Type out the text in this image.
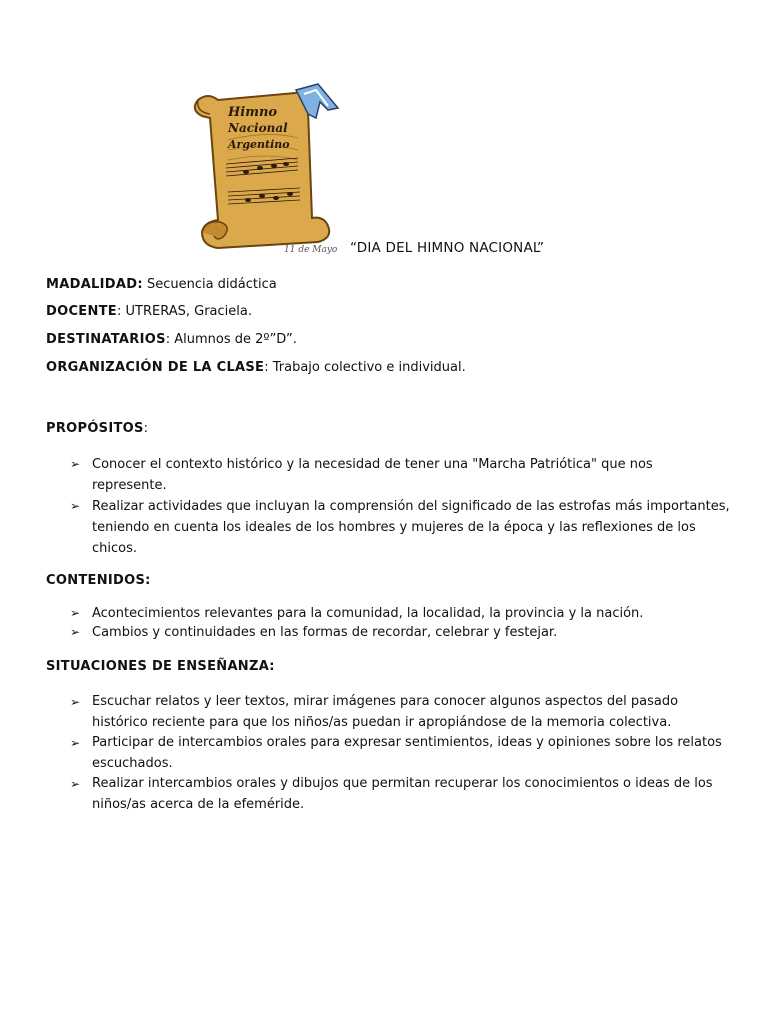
Himno
Nacional
Argentino
11 de Mayo “DIA DEL HIMNO NACIONAL”
MADALIDAD: Secuencia didáctica
DOCENTE: UTRERAS, Graciela.
DESTINATARIOS: Alumnos de 2º”D”.
ORGANIZACIÓN DE LA CLASE: Trabajo colectivo e individual.
PROPÓSITOS:
➢ Conocer el contexto histórico y la necesidad de tener una "Marcha Patriótica" que nos represente.
➢ Realizar actividades que incluyan la comprensión del significado de las estrofas más importantes, teniendo en cuenta los ideales de los hombres y mujeres de la época y las reflexiones de los chicos.
CONTENIDOS:
➢ Acontecimientos relevantes para la comunidad, la localidad, la provincia y la nación.
➢ Cambios y continuidades en las formas de recordar, celebrar y festejar.
SITUACIONES DE ENSEÑANZA:
➢ Escuchar relatos y leer textos, mirar imágenes para conocer algunos aspectos del pasado histórico reciente para que los niños/as puedan ir apropiándose de la memoria colectiva.
➢ Participar de intercambios orales para expresar sentimientos, ideas y opiniones sobre los relatos escuchados.
➢ Realizar intercambios orales y dibujos que permitan recuperar los conocimientos o ideas de los niños/as acerca de la efeméride.
